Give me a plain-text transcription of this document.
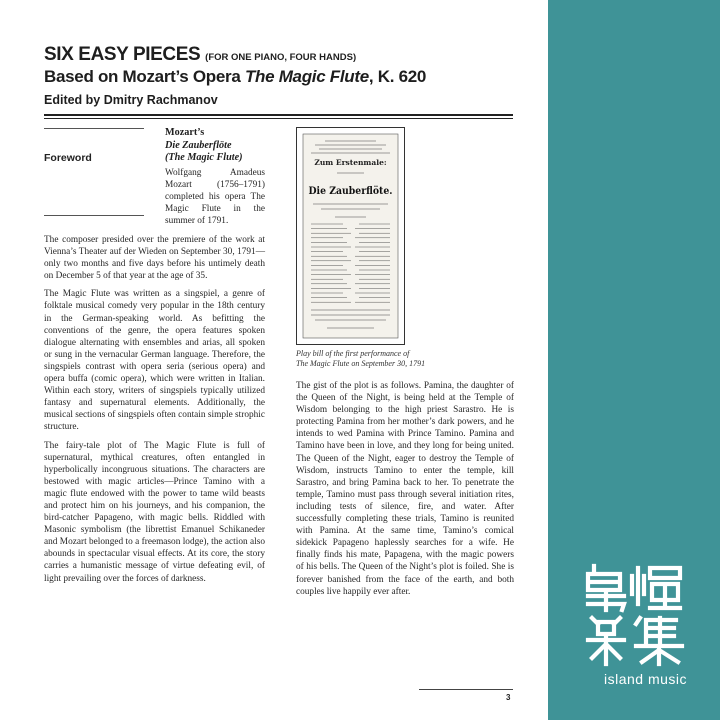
SIX EASY PIECES (FOR ONE PIANO, FOUR HANDS)
Based on Mozart’s Opera The Magic Flute, K. 620
Edited by Dmitry Rachmanov
Foreword
Mozart’s
Die Zauberflöte
(The Magic Flute)

Wolfgang Amadeus Mozart (1756–1791) completed his opera The Magic Flute in the summer of 1791.

The composer presided over the premiere of the work at Vienna’s Theater auf der Wieden on September 30, 1791—only two months and five days before his untimely death on December 5 of that year at the age of 35.

The Magic Flute was written as a singspiel, a genre of folktale musical comedy very popular in the 18th century in the German-speaking world. As befitting the conventions of the genre, the opera features spoken dialogue alternating with ensembles and arias, all spoken or sung in the vernacular German language. Therefore, the singspiels contrast with opera seria (serious opera) and opera buffa (comic opera), which were written in Italian. Within each story, writers of singspiels typically utilized fantasy and supernatural elements. Additionally, the musical sections of singspiels often contain simple strophic structure.

The fairy-tale plot of The Magic Flute is full of supernatural, mythical creatures, often entangled in hyperbolically incongruous situations. The characters are bestowed with magic articles—Prince Tamino with a magic flute endowed with the power to tame wild beasts and protect him on his journeys, and his companion, the bird-catcher Papageno, with magic bells. Riddled with Masonic symbolism (the librettist Emanuel Schikaneder and Mozart belonged to a freemason lodge), the action also abounds in spectacular visual effects. At its core, the story carries a humanistic message of virtue defeating evil, of light prevailing over the forces of darkness.

Zum Erstenmale:
Die Zauberflöte.
Play bill of the first performance of
The Magic Flute on September 30, 1791

The gist of the plot is as follows. Pamina, the daughter of the Queen of the Night, is being held at the Temple of Wisdom belonging to the high priest Sarastro. He is protecting Pamina from her mother’s dark powers, and he intends to wed Pamina with Prince Tamino. Pamina and Tamino have been in love, and they long for being united. The Queen of the Night, eager to destroy the Temple of Wisdom, instructs Tamino to enter the temple, kill Sarastro, and bring Pamina back to her. To penetrate the temple, Tamino must pass through several initiation rites, including tests of silence, fire, and water. After successfully completing these trials, Tamino is reunited with Pamina. At the same time, Tamino’s comical sidekick Papageno haplessly searches for a wife. He finally finds his mate, Papagena, with the magic powers of his bells. The Queen of the Night’s plot is foiled. She is forever banished from the face of the earth, and both couples live happily ever after.

3
island music
